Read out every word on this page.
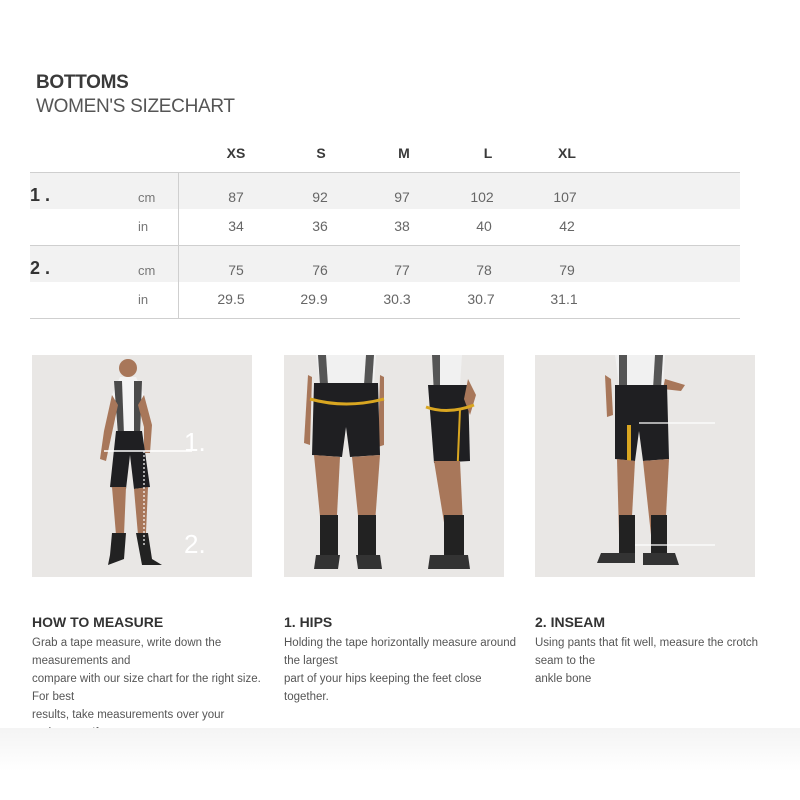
BOTTOMS
WOMEN'S SIZECHART
XS	S	M	L	XL
1 .	cm	87	92	97	102	107
in	34	36	38	40	42
2 .	cm	75	76	77	78	79
in	29.5	29.9	30.3	30.7	31.1
1.
2.
HOW TO MEASURE
Grab a tape measure, write down the measurements and
compare with our size chart for the right size. For best
results, take measurements over your
1. HIPS
Holding the tape horizontally measure around the largest
part of your hips keeping the feet close together.
2. INSEAM
Using pants that fit well, measure the crotch seam to the
ankle bone
